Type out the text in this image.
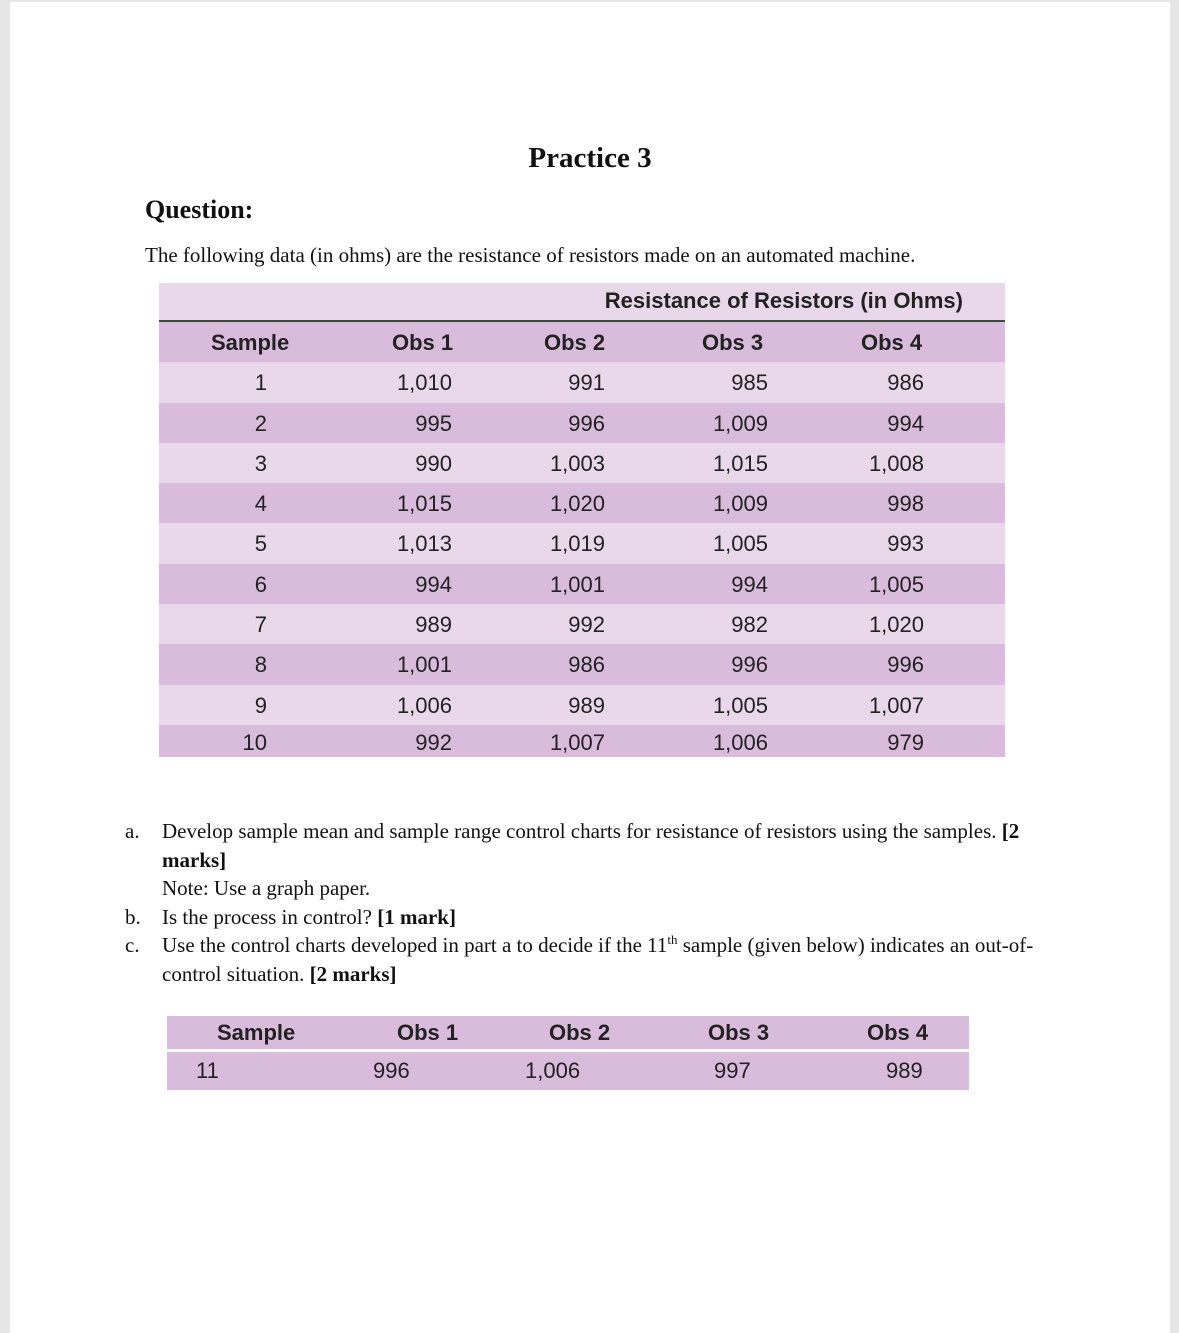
Practice 3
Question:
The following data (in ohms) are the resistance of resistors made on an automated machine.
Resistance of Resistors (in Ohms)
Sample	Obs 1	Obs 2	Obs 3	Obs 4
1	1,010	991	985	986
2	995	996	1,009	994
3	990	1,003	1,015	1,008
4	1,015	1,020	1,009	998
5	1,013	1,019	1,005	993
6	994	1,001	994	1,005
7	989	992	982	1,020
8	1,001	986	996	996
9	1,006	989	1,005	1,007
10	992	1,007	1,006	979
a. Develop sample mean and sample range control charts for resistance of resistors using the samples. [2 marks]
Note: Use a graph paper.
b. Is the process in control? [1 mark]
c. Use the control charts developed in part a to decide if the 11th sample (given below) indicates an out-of-control situation. [2 marks]
Sample	Obs 1	Obs 2	Obs 3	Obs 4
11	996	1,006	997	989
